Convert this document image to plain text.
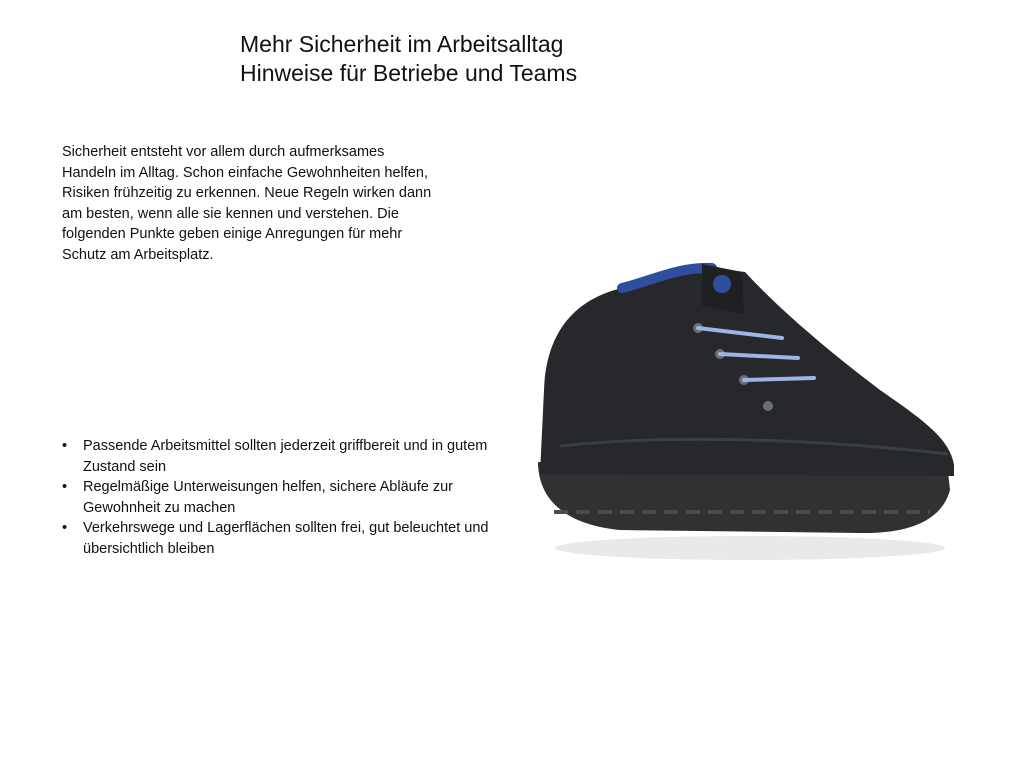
Mehr Sicherheit im Arbeitsalltag
Hinweise für Betriebe und Teams
Sicherheit entsteht vor allem durch aufmerksames Handeln im Alltag. Schon einfache Gewohnheiten helfen, Risiken frühzeitig zu erkennen. Neue Regeln wirken dann am besten, wenn alle sie kennen und verstehen. Die folgenden Punkte geben einige Anregungen für mehr Schutz am Arbeitsplatz.
• Passende Arbeitsmittel sollten jederzeit griffbereit und in gutem Zustand sein
• Regelmäßige Unterweisungen helfen, sichere Abläufe zur Gewohnheit zu machen
• Verkehrswege und Lagerflächen sollten frei, gut beleuchtet und übersichtlich bleiben
